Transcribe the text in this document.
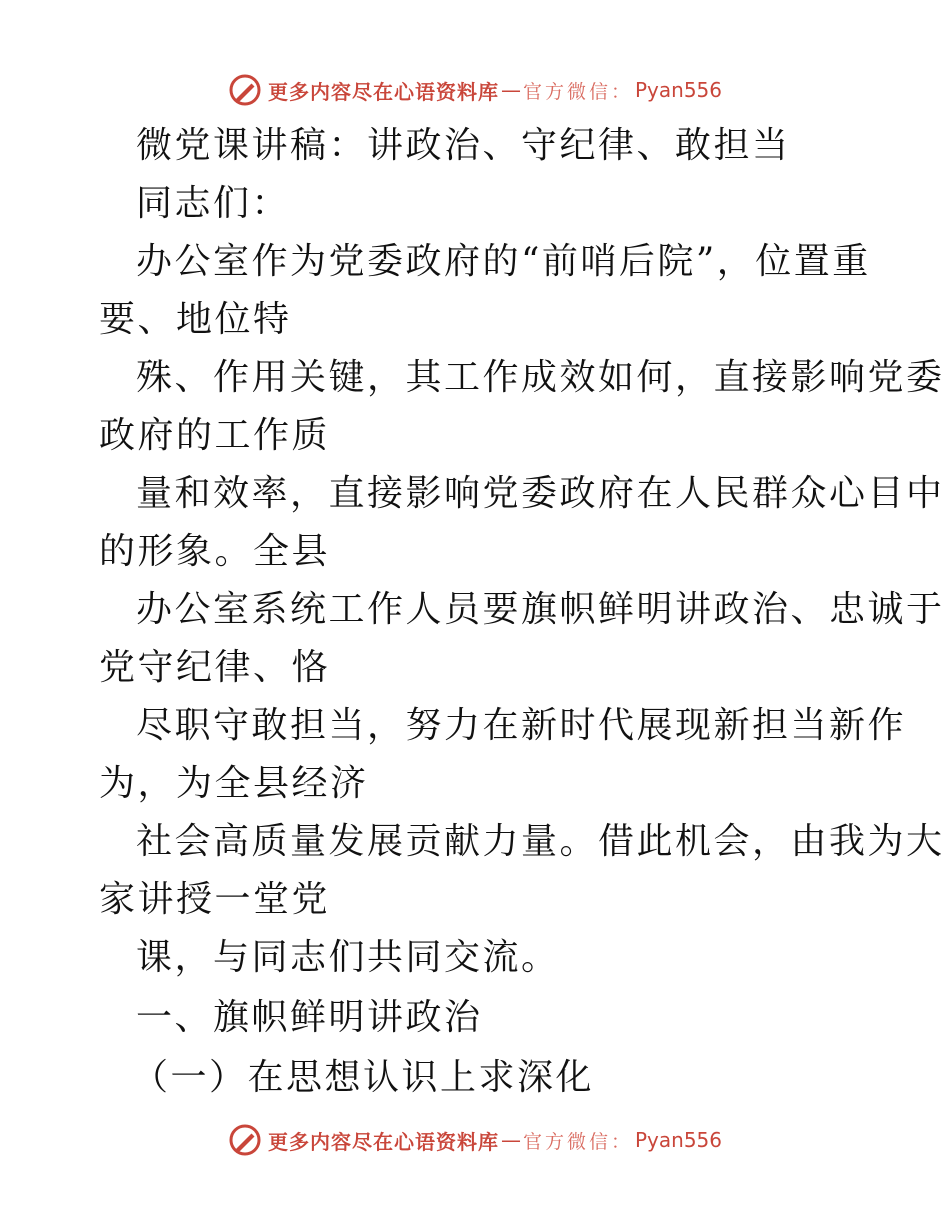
更多内容尽在心语资料库 — 官方微信： Pyan556
微党课讲稿：讲政治、守纪律、敢担当
同志们：
办公室作为党委政府的“前哨后院”，位置重
要、地位特
殊、作用关键，其工作成效如何，直接影响党委
政府的工作质
量和效率，直接影响党委政府在人民群众心目中
的形象。全县
办公室系统工作人员要旗帜鲜明讲政治、忠诚于
党守纪律、恪
尽职守敢担当，努力在新时代展现新担当新作
为，为全县经济
社会高质量发展贡献力量。借此机会，由我为大
家讲授一堂党
课，与同志们共同交流。
一、旗帜鲜明讲政治
（一）在思想认识上求深化
更多内容尽在心语资料库 — 官方微信： Pyan556
